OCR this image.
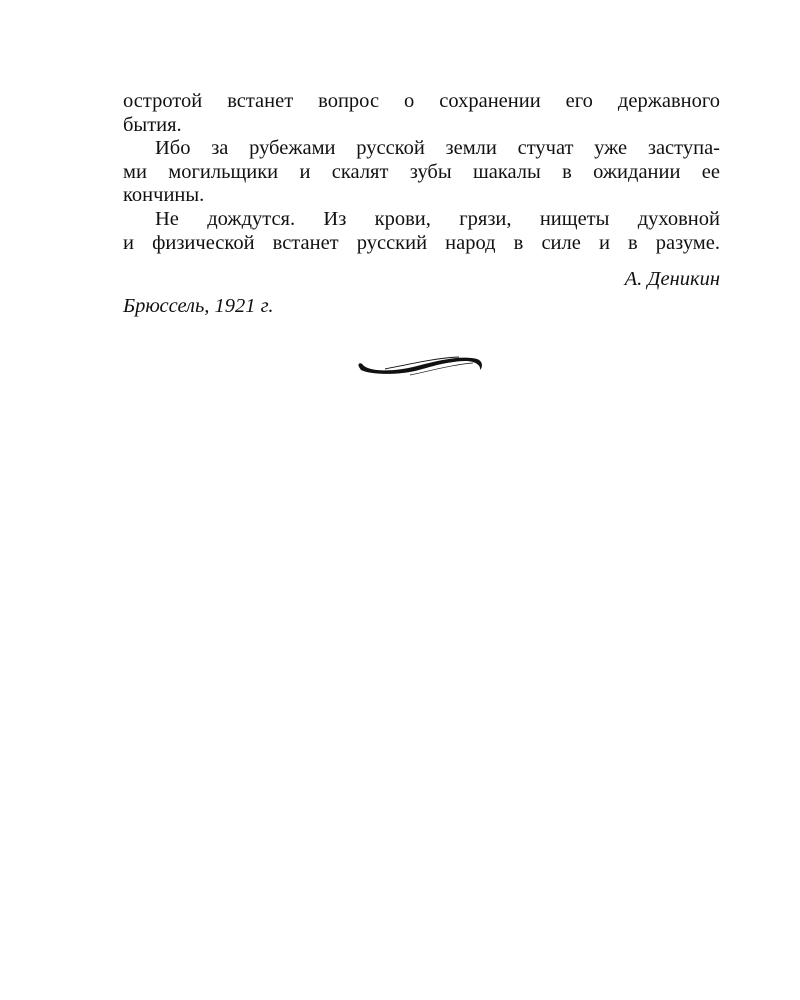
остротой встанет вопрос о сохранении его державного
бытия.
Ибо за рубежами русской земли стучат уже заступа-
ми могильщики и скалят зубы шакалы в ожидании ее
кончины.
Не дождутся. Из крови, грязи, нищеты духовной
и физической встанет русский народ в силе и в разуме.
А. Деникин
Брюссель, 1921 г.
